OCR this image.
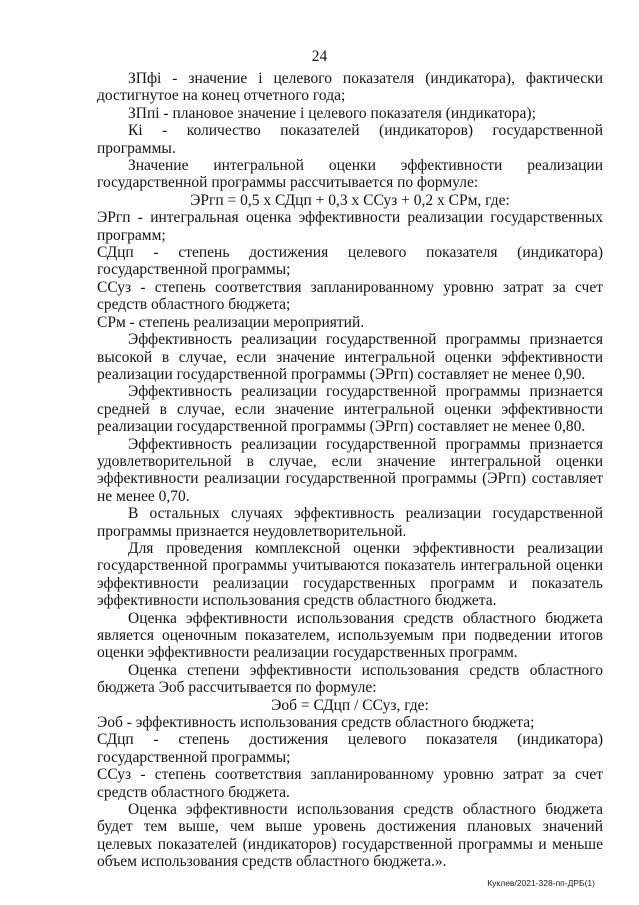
24

ЗПфi - значение i целевого показателя (индикатора), фактически достигнутое на конец отчетного года;

ЗПпi - плановое значение i целевого показателя (индикатора);

Кi - количество показателей (индикаторов) государственной программы.

Значение интегральной оценки эффективности реализации государственной программы рассчитывается по формуле:

ЭРгп = 0,5 x СДцп + 0,3 x ССуз + 0,2 x СРм, где:

ЭРгп - интегральная оценка эффективности реализации государственных программ;

СДцп - степень достижения целевого показателя (индикатора) государственной программы;

ССуз - степень соответствия запланированному уровню затрат за счет средств областного бюджета;

СРм - степень реализации мероприятий.

Эффективность реализации государственной программы признается высокой в случае, если значение интегральной оценки эффективности реализации государственной программы (ЭРгп) составляет не менее 0,90.

Эффективность реализации государственной программы признается средней в случае, если значение интегральной оценки эффективности реализации государственной программы (ЭРгп) составляет не менее 0,80.

Эффективность реализации государственной программы признается удовлетворительной в случае, если значение интегральной оценки эффективности реализации государственной программы (ЭРгп) составляет не менее 0,70.

В остальных случаях эффективность реализации государственной программы признается неудовлетворительной.

Для проведения комплексной оценки эффективности реализации государственной программы учитываются показатель интегральной оценки эффективности реализации государственных программ и показатель эффективности использования средств областного бюджета.

Оценка эффективности использования средств областного бюджета является оценочным показателем, используемым при подведении итогов оценки эффективности реализации государственных программ.

Оценка степени эффективности использования средств областного бюджета Эоб рассчитывается по формуле:

Эоб = СДцп / ССуз, где:

Эоб - эффективность использования средств областного бюджета;

СДцп - степень достижения целевого показателя (индикатора) государственной программы;

ССуз - степень соответствия запланированному уровню затрат за счет средств областного бюджета.

Оценка эффективности использования средств областного бюджета будет тем выше, чем выше уровень достижения плановых значений целевых показателей (индикаторов) государственной программы и меньше объем использования средств областного бюджета.».

Куклев/2021-328-пп-ДРБ(1)
